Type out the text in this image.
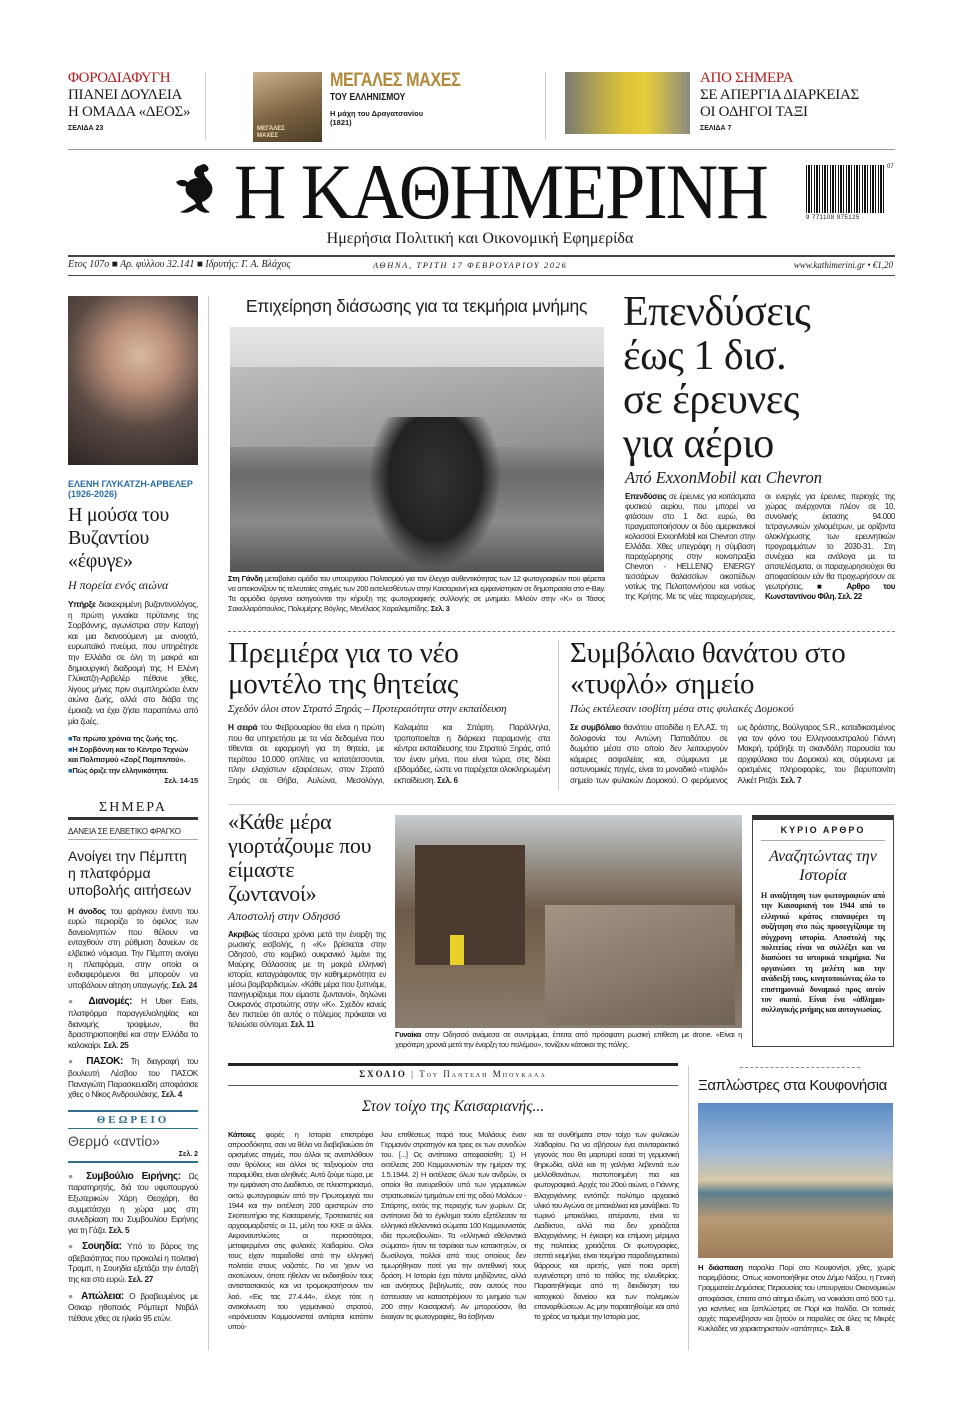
ΦΟΡΟΔΙΑΦΥΓΗ
ΠΙΑΝΕΙ ΔΟΥΛΕΙΑ
Η ΟΜΑΔΑ «ΔΕΟΣ»
ΣΕΛΙΔΑ 23	ΜΕΓΑΛΕΣ
ΜΑΧΕΣ
ΜΕΓΑΛΕΣ ΜΑΧΕΣ
ΤΟΥ ΕΛΛΗΝΙΣΜΟΥ
Η μάχη του Δραγατσανίου
(1821)
ΑΠΟ ΣΗΜΕΡΑ
ΣΕ ΑΠΕΡΓΙΑ ΔΙΑΡΚΕΙΑΣ
ΟΙ ΟΔΗΓΟΙ ΤΑΞΙ
ΣΕΛΙΔΑ 7
Η ΚΑΘΗΜΕΡΙΝΗ	9 771108 975125
07
Ημερήσια Πολιτική και Οικονομική Εφημερίδα
Ετος 107ο ■ Αρ. φύλλου 32.141 ■ Ιδρυτής: Γ. Α. Βλάχος	ΑΘΗΝΑ, ΤΡΙΤΗ 17 ΦΕΒΡΟΥΑΡΙΟΥ 2026	www.kathimerini.gr • €1,20
ΕΛΕΝΗ ΓΛΥΚΑΤΖΗ-ΑΡΒΕΛΕΡ (1926-2026)
Η μούσα του Βυζαντίου «έφυγε»
Η πορεία ενός αιώνα
Υπήρξε διακεκριμένη βυζαντινολόγος, η πρώτη γυναίκα πρύτανης της Σορβόννης, αγωνίστρια στην Κατοχή και μια διανοούμενη με ανοιχτό, ευρωπαϊκό πνεύμα, που υπηρέτησε την Ελλάδα σε όλη τη μακρά και δημιουργική διαδρομή της. Η Ελένη Γλύκατζη-Αρβελέρ πέθανε χθες, λίγους μήνες πριν συμπληρώσει έναν αιώνα ζωής, αλλά στο διάβα της έμοιαζε να έχει ζήσει παραπάνω από μία ζωές.
■Τα πρώτα χρόνια της ζωής της.
■Η Σορβόννη και το Κέντρο Τεχνών και Πολιτισμού «Ζορζ Πομπιντού».
■Πώς όριζε την ελληνικότητα.
Σελ. 14-15
ΣΗΜΕΡΑ
ΔΑΝΕΙΑ ΣΕ ΕΛΒΕΤΙΚΟ ΦΡΑΓΚΟ
Ανοίγει την Πέμπτη η πλατφόρμα υποβολής αιτήσεων
Η άνοδος του φράγκου έναντι του ευρώ περιορίζει το όφελος των δανειοληπτών που θέλουν να ενταχθούν στη ρύθμιση δανείων σε ελβετικό νόμισμα. Την Πέμπτη ανοίγει η πλατφόρμα, στην οποία οι ενδιαφερόμενοι θα μπορούν να υποβάλουν αίτηση υπαγωγής. Σελ. 24
● Διανομές: Η Uber Eats, πλατφόρμα παραγγελιοληψίας και διανομής τροφίμων, θα δραστηριοποιηθεί και στην Ελλάδα το καλοκαίρι. Σελ. 25
● ΠΑΣΟΚ: Τη διαγραφή του βουλευτή Λέσβου του ΠΑΣΟΚ Παναγιώτη Παρασκευαΐδη αποφάσισε χθες ο Νίκος Ανδρουλάκης. Σελ. 4
ΘΕΩΡΕΙΟ
Θερμό «αντίο»
Σελ. 2
● Συμβούλιο Ειρήνης: Ως παρατηρητής, διά του υφυπουργού Εξωτερικών Χάρη Θεοχάρη, θα συμμετάσχει η χώρα μας στη συνεδρίαση του Συμβουλίου Ειρήνης για τη Γάζα. Σελ. 5
● Σουηδία: Υπό το βάρος της αβεβαιότητας που προκαλεί η πολιτική Τραμπ, η Σουηδία εξετάζει την ένταξή της και στο ευρώ. Σελ. 27
● Απώλεια: Ο βραβευμένος με Οσκαρ ηθοποιός Ρόμπερτ Ντιβάλ πέθανε χθες σε ηλικία 95 ετών.
Επιχείρηση διάσωσης για τα τεκμήρια μνήμης
Στη Γάνδη μεταβαίνει ομάδα του υπουργείου Πολιτισμού για τον έλεγχο αυθεντικότητας των 12 φωτογραφιών που φέρεται να απεικονίζουν τις τελευταίες στιγμές των 200 εκτελεσθέντων στην Καισαριανή και εμφανίστηκαν σε δημοπρασία στο e-Bay. Τα αρμόδια όργανα εισηγούνται την κήρυξη της φωτογραφικής συλλογής σε μνημείο. Μιλούν στην «Κ» οι Τάσος Σακελλαρόπουλος, Πολυμέρης Βόγλης, Μενέλαος Χαραλαμπίδης. Σελ. 3
Επενδύσεις
έως 1 δισ.
σε έρευνες
για αέριο
Από ExxonMobil και Chevron
Επενδύσεις σε έρευνες για κοιτάσματα φυσικού αερίου, που μπορεί να φτάσουν στο 1 δισ. ευρώ, θα πραγματοποιήσουν οι δύο αμερικανικοί κολοσσοί ExxonMobil και Chevron στην Ελλάδα. Χθες υπεγράφη η σύμβαση παραχώρησης στην κοινοπραξία Chevron - HELLENiQ ENERGY τεσσάρων θαλασσίων οικοπέδων νοτίως της Πελοποννήσου και νοτίως της Κρήτης. Με τις νέες παραχωρήσεις, οι ενεργές για έρευνες περιοχές της χώρας ανέρχονται πλέον σε 10, συνολικής έκτασης 94.000 τετραγωνικών χιλιομέτρων, με ορίζοντα ολοκλήρωσης των ερευνητικών προγραμμάτων το 2030-31. Στη συνέχεια και ανάλογα με τα αποτελέσματα, οι παραχωρησιούχοι θα αποφασίσουν εάν θα προχωρήσουν σε γεωτρήσεις. ■ Αρθρο του Κωνσταντίνου Φίλη. Σελ. 22
Πρεμιέρα για το νέο μοντέλο της θητείας
Σχεδόν όλοι στον Στρατό Ξηράς – Προτεραιότητα στην εκπαίδευση
Η σειρά του Φεβρουαρίου θα είναι η πρώτη που θα υπηρετήσει με τα νέα δεδομένα που τίθενται σε εφαρμογή για τη θητεία, με περίπου 10.000 οπλίτες να κατατάσσονται, πλην ελαχίστων εξαιρέσεων, στον Στρατό Ξηράς σε Θήβα, Αυλώνα, Μεσολόγγι, Καλαμάτα και Σπάρτη. Παράλληλα, τροποποιείται η διάρκεια παραμονής στα κέντρα εκπαίδευσης του Στρατού Ξηράς, από τον έναν μήνα, που είναι τώρα, στις δέκα εβδομάδες, ώστε να παρέχεται ολοκληρωμένη εκπαίδευση. Σελ. 6
Συμβόλαιο θανάτου στο «τυφλό» σημείο
Πώς εκτέλεσαν ισοβίτη μέσα στις φυλακές Δομοκού
Σε συμβόλαιο θανάτου αποδίδει η ΕΛ.ΑΣ. τη δολοφονία του Αντώνη Παπαδάτου σε δωμάτιο μέσα στο οποίο δεν λειτουργούν κάμερες ασφαλείας και, σύμφωνα με αστυνομικές πηγές, είναι το μοναδικό «τυφλό» σημείο των φυλακών Δομοκού. Ο φερόμενος ως δράστης, Βούλγαρος S.R., καταδικασμένος για τον φόνο του Ελληνοαυστραλού Γιάννη Μακρή, τράβηξε τη σκανδάλη παρουσία του αρχιφύλακα του Δομοκού και, σύμφωνα με ορισμένες πληροφορίες, του βαρυποινίτη Αλκέτ Ριτζάι. Σελ. 7
«Κάθε μέρα γιορτάζουμε που είμαστε ζωντανοί»
Αποστολή στην Οδησσό
Ακριβώς τέσσερα χρόνια μετά την έναρξη της ρωσικής εισβολής, η «Κ» βρίσκεται στην Οδησσό, στο κομβικό ουκρανικό λιμάνι της Μαύρης Θάλασσας με τη μακρά ελληνική ιστορία, καταγράφοντας την καθημερινότητα εν μέσω βομβαρδισμών. «Κάθε μέρα που ξυπνάμε, πανηγυρίζουμε που είμαστε ζωντανοί», δηλώνει Ουκρανός στρατιώτης στην «Κ». Σχεδόν κανείς δεν πιστεύει ότι αυτός ο πόλεμος πρόκειται να τελειώσει σύντομα. Σελ. 11
Γυναίκα στην Οδησσό ανάμεσα σε συντρίμμια, έπειτα από πρόσφατη ρωσική επίθεση με drone. «Είναι η χειρότερη χρονιά μετά την έναρξη του πολέμου», τονίζουν κάτοικοι της πόλης.
ΚΥΡΙΟ ΑΡΘΡΟ
Αναζητώντας την Ιστορία
Η αναζήτηση των φωτογραφιών από την Καισαριανή του 1944 από το ελληνικό κράτος επαναφέρει τη συζήτηση στο πώς προσεγγίζουμε τη σύγχρονη ιστορία. Αποστολή της πολιτείας είναι να συλλέξει και να διασώσει τα ιστορικά τεκμήρια. Να οργανώσει τη μελέτη και την ανάδειξή τους, κινητοποιώντας όλο το επιστημονικό δυναμικό προς αυτόν τον σκοπό. Είναι ένα «άθλημα» συλλογικής μνήμης και αυτογνωσίας.
ΣΧΟΛΙΟ | Του Παντελη Μπουκαλα
Στον τοίχο της Καισαριανής...
Κάποιες φορές η Ιστορία επιστρέφει απροσδόκητα, σαν να θέλει να διαβεβαιώσει ότι ορισμένες στιγμές, που άλλοι τις αναπλάθουν σαν θρύλους και άλλοι τις ταξινομούν στα παραμύθια, είναι αληθινές. Αυτό ζούμε τώρα, με την εμφάνιση στο Διαδίκτυο, σε πλειστηριασμό, οκτώ φωτογραφιών από την Πρωτομαγιά του 1944 και την εκτέλεση 200 αριστερών στο Σκοπευτήριο της Καισαριανής. Τροτσκιστές και αρχειομαρξιστές οι 11, μέλη του ΚΚΕ οι άλλοι. Ακροναυπλιώτες οι περισσότεροι, μεταφερμένοι στις φυλακές Χαϊδαρίου. Ολοι τους είχαν παραδοθεί από την ελληνική πολιτεία στους ναζιστές. Για να 'χουν να σκοτώνουν, όποτε ήθελαν να εκδικηθούν τους αντιστασιακούς και να τρομοκρατήσουν τον λαό. «Εις τας 27.4.44», έλεγε τότε η ανακοίνωση του γερμανικού στρατού, «ειρόνευσαν Κομμουνισταί αντάρται κατόπιν υπού-
λου επιθέσεως παρά τους Μολάους έναν Γερμανόν στρατηγόν και τρεις εκ των συνοδών του. [...] Ως αντίποινα απεφασίσθη: 1) Η εκτέλεσις 200 Κομμουνιστών την ημέραν της 1.5.1944. 2) Η εκτέλεσις όλων των ανδρών, οι οποίοι θα ανευρεθούν υπό των γερμανικών στρατιωτικών τμημάτων επί της οδού Μολάων - Σπάρτης, εκτός της περιοχής των χωρίων. Ως αντίποινα διά το έγκλημα τούτο εξετέλεσαν τα ελληνικά εθελοντικά σώματα 100 Κομμουνιστάς ιδία πρωτοβουλία». Τα «ελληνικά εθελοντικά σώματα» ήταν τα τσιράκια των κατακτητών, οι δωσίλογοι, πολλοί από τους οποίους δεν τιμωρήθηκαν ποτέ για την αντεθνική τους δράση. Η Ιστορία έχει πάντα μηδίζοντες, αλλά και ανόητους βεβηλωτές, σαν αυτούς που έσπευσαν να καταστρέψουν το μνημείο των 200 στην Καισαριανή. Αν μπορούσαν, θα έκαιγαν τις φωτογραφίες, θα έσβηναν
και τα συνθήματα στον τοίχο των φυλακών Χαϊδαρίου. Για να σβήσουν ένα συνταρακτικό γεγονός που θα μαρτυρεί εσαεί τη γερμανική θηριωδία, αλλά και τη γαλήνια λεβεντιά των μελλοθανάτων, πιστοποιημένη πια και φωτογραφικά. Αρχές του 20ού αιώνα, ο Γιάννης Βλαχογιάννης εντόπιζε πολύτιμο αρχειακό υλικό του Αγώνα σε μπακάλικα και μανάβικα. Το τωρινό μπακάλικο, απέραντο, είναι το Διαδίκτυο, αλλά πια δεν χρειάζεται Βλαχογιάννης. Η έγκαιρη και επίμονη μέριμνα της πολιτείας χρειάζεται. Οι φωτογραφίες, σεπτά κειμήλια, είναι τεκμήρια παραδειγματικού θάρρους και αρετής, γιατί ποια αρετή ευγενέστερη από το πάθος της ελευθερίας. Παραιτηθήκαμε από τη διεκδίκηση του κατοχικού δανείου και των πολεμικών επανορθώσεων. Ας μην παραιτηθούμε και από το χρέος να τιμάμε την Ιστορία μας.
Ξαπλώστρες στα Κουφονήσια
Η διάσπαση παραλία Πορί στο Κουφονήσι, χθες, χωρίς παρεμβάσεις. Οπως κοινοποιήθηκε στον Δήμο Νάξου, η Γενική Γραμματεία Δημόσιας Περιουσίας του υπουργείου Οικονομικών αποφάσισε, έπειτα από αίτημα ιδιώτη, να νοικιάσει από 500 τ.μ. για καντίνες και ξαπλώστρες σε Πορί και Ιταλίδα. Οι τοπικές αρχές παρενέβησαν και ζητούν οι παραλίες σε όλες τις Μικρές Κυκλάδες να χαρακτηριστούν «απάτητες». Σελ. 8
